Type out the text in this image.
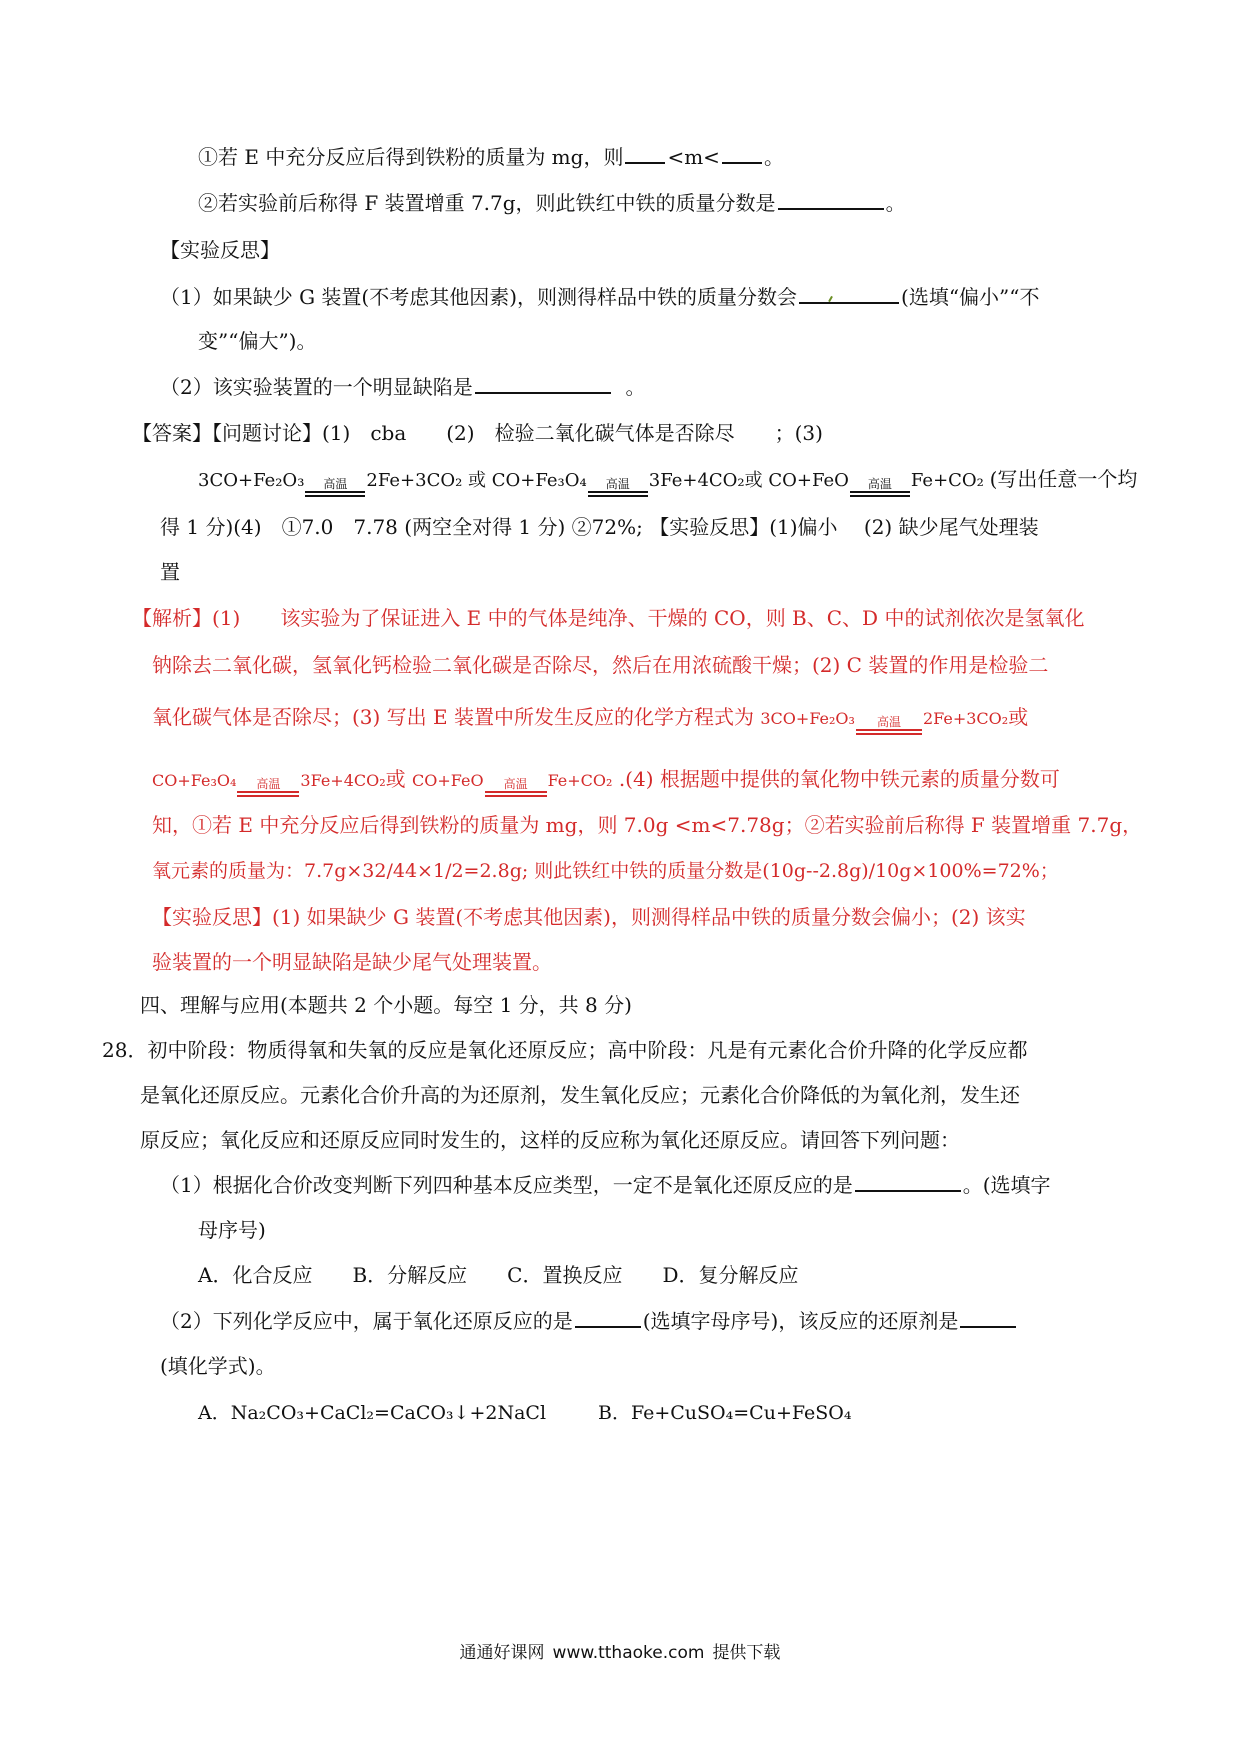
①若 E 中充分反应后得到铁粉的质量为 mg，则 <m< 。
②若实验前后称得 F 装置增重 7.7g，则此铁红中铁的质量分数是	。
【实验反思】
（1）如果缺少 G 装置(不考虑其他因素)，则测得样品中铁的质量分数会	(选填“偏小”“不
变”“偏大”)。
（2）该实验装置的一个明显缺陷是	。
【答案】【问题讨论】(1)　cba　　(2)　检验二氧化碳气体是否除尽　　；(3)
3CO+Fe₂O₃	高温	2Fe+3CO₂ 或 CO+Fe₃O₄	高温	3Fe+4CO₂或 CO+FeO	高温	Fe+CO₂ (写出任意一个均
得 1 分)(4)　①7.0　7.78 (两空全对得 1 分) ②72%; 【实验反思】(1)偏小　 (2) 缺少尾气处理装
置
【解析】(1)　　该实验为了保证进入 E 中的气体是纯净、干燥的 CO，则 B、C、D 中的试剂依次是氢氧化
钠除去二氧化碳，氢氧化钙检验二氧化碳是否除尽，然后在用浓硫酸干燥；(2) C 装置的作用是检验二
氧化碳气体是否除尽；(3) 写出 E 装置中所发生反应的化学方程式为 3CO+Fe₂O₃	高温	2Fe+3CO₂或
CO+Fe₃O₄	高温	3Fe+4CO₂或 CO+FeO	高温	Fe+CO₂ .(4) 根据题中提供的氧化物中铁元素的质量分数可
知，①若 E 中充分反应后得到铁粉的质量为 mg，则 7.0g <m<7.78g；②若实验前后称得 F 装置增重 7.7g，
氧元素的质量为：7.7g×32/44×1/2=2.8g; 则此铁红中铁的质量分数是(10g--2.8g)/10g×100%=72%；
【实验反思】(1) 如果缺少 G 装置(不考虑其他因素)，则测得样品中铁的质量分数会偏小；(2) 该实
验装置的一个明显缺陷是缺少尾气处理装置。
四、理解与应用(本题共 2 个小题。每空 1 分，共 8 分)
28．初中阶段：物质得氧和失氧的反应是氧化还原反应；高中阶段：凡是有元素化合价升降的化学反应都
是氧化还原反应。元素化合价升高的为还原剂，发生氧化反应；元素化合价降低的为氧化剂，发生还
原反应；氧化反应和还原反应同时发生的，这样的反应称为氧化还原反应。请回答下列问题：
（1）根据化合价改变判断下列四种基本反应类型，一定不是氧化还原反应的是	。(选填字
母序号)
A．化合反应　　B．分解反应　　C．置换反应　　D．复分解反应
（2）下列化学反应中，属于氧化还原反应的是	(选填字母序号)，该反应的还原剂是
(填化学式)。
A．Na₂CO₃+CaCl₂=CaCO₃↓+2NaCl	B．Fe+CuSO₄=Cu+FeSO₄
通通好课网 www.tthaoke.com 提供下载
